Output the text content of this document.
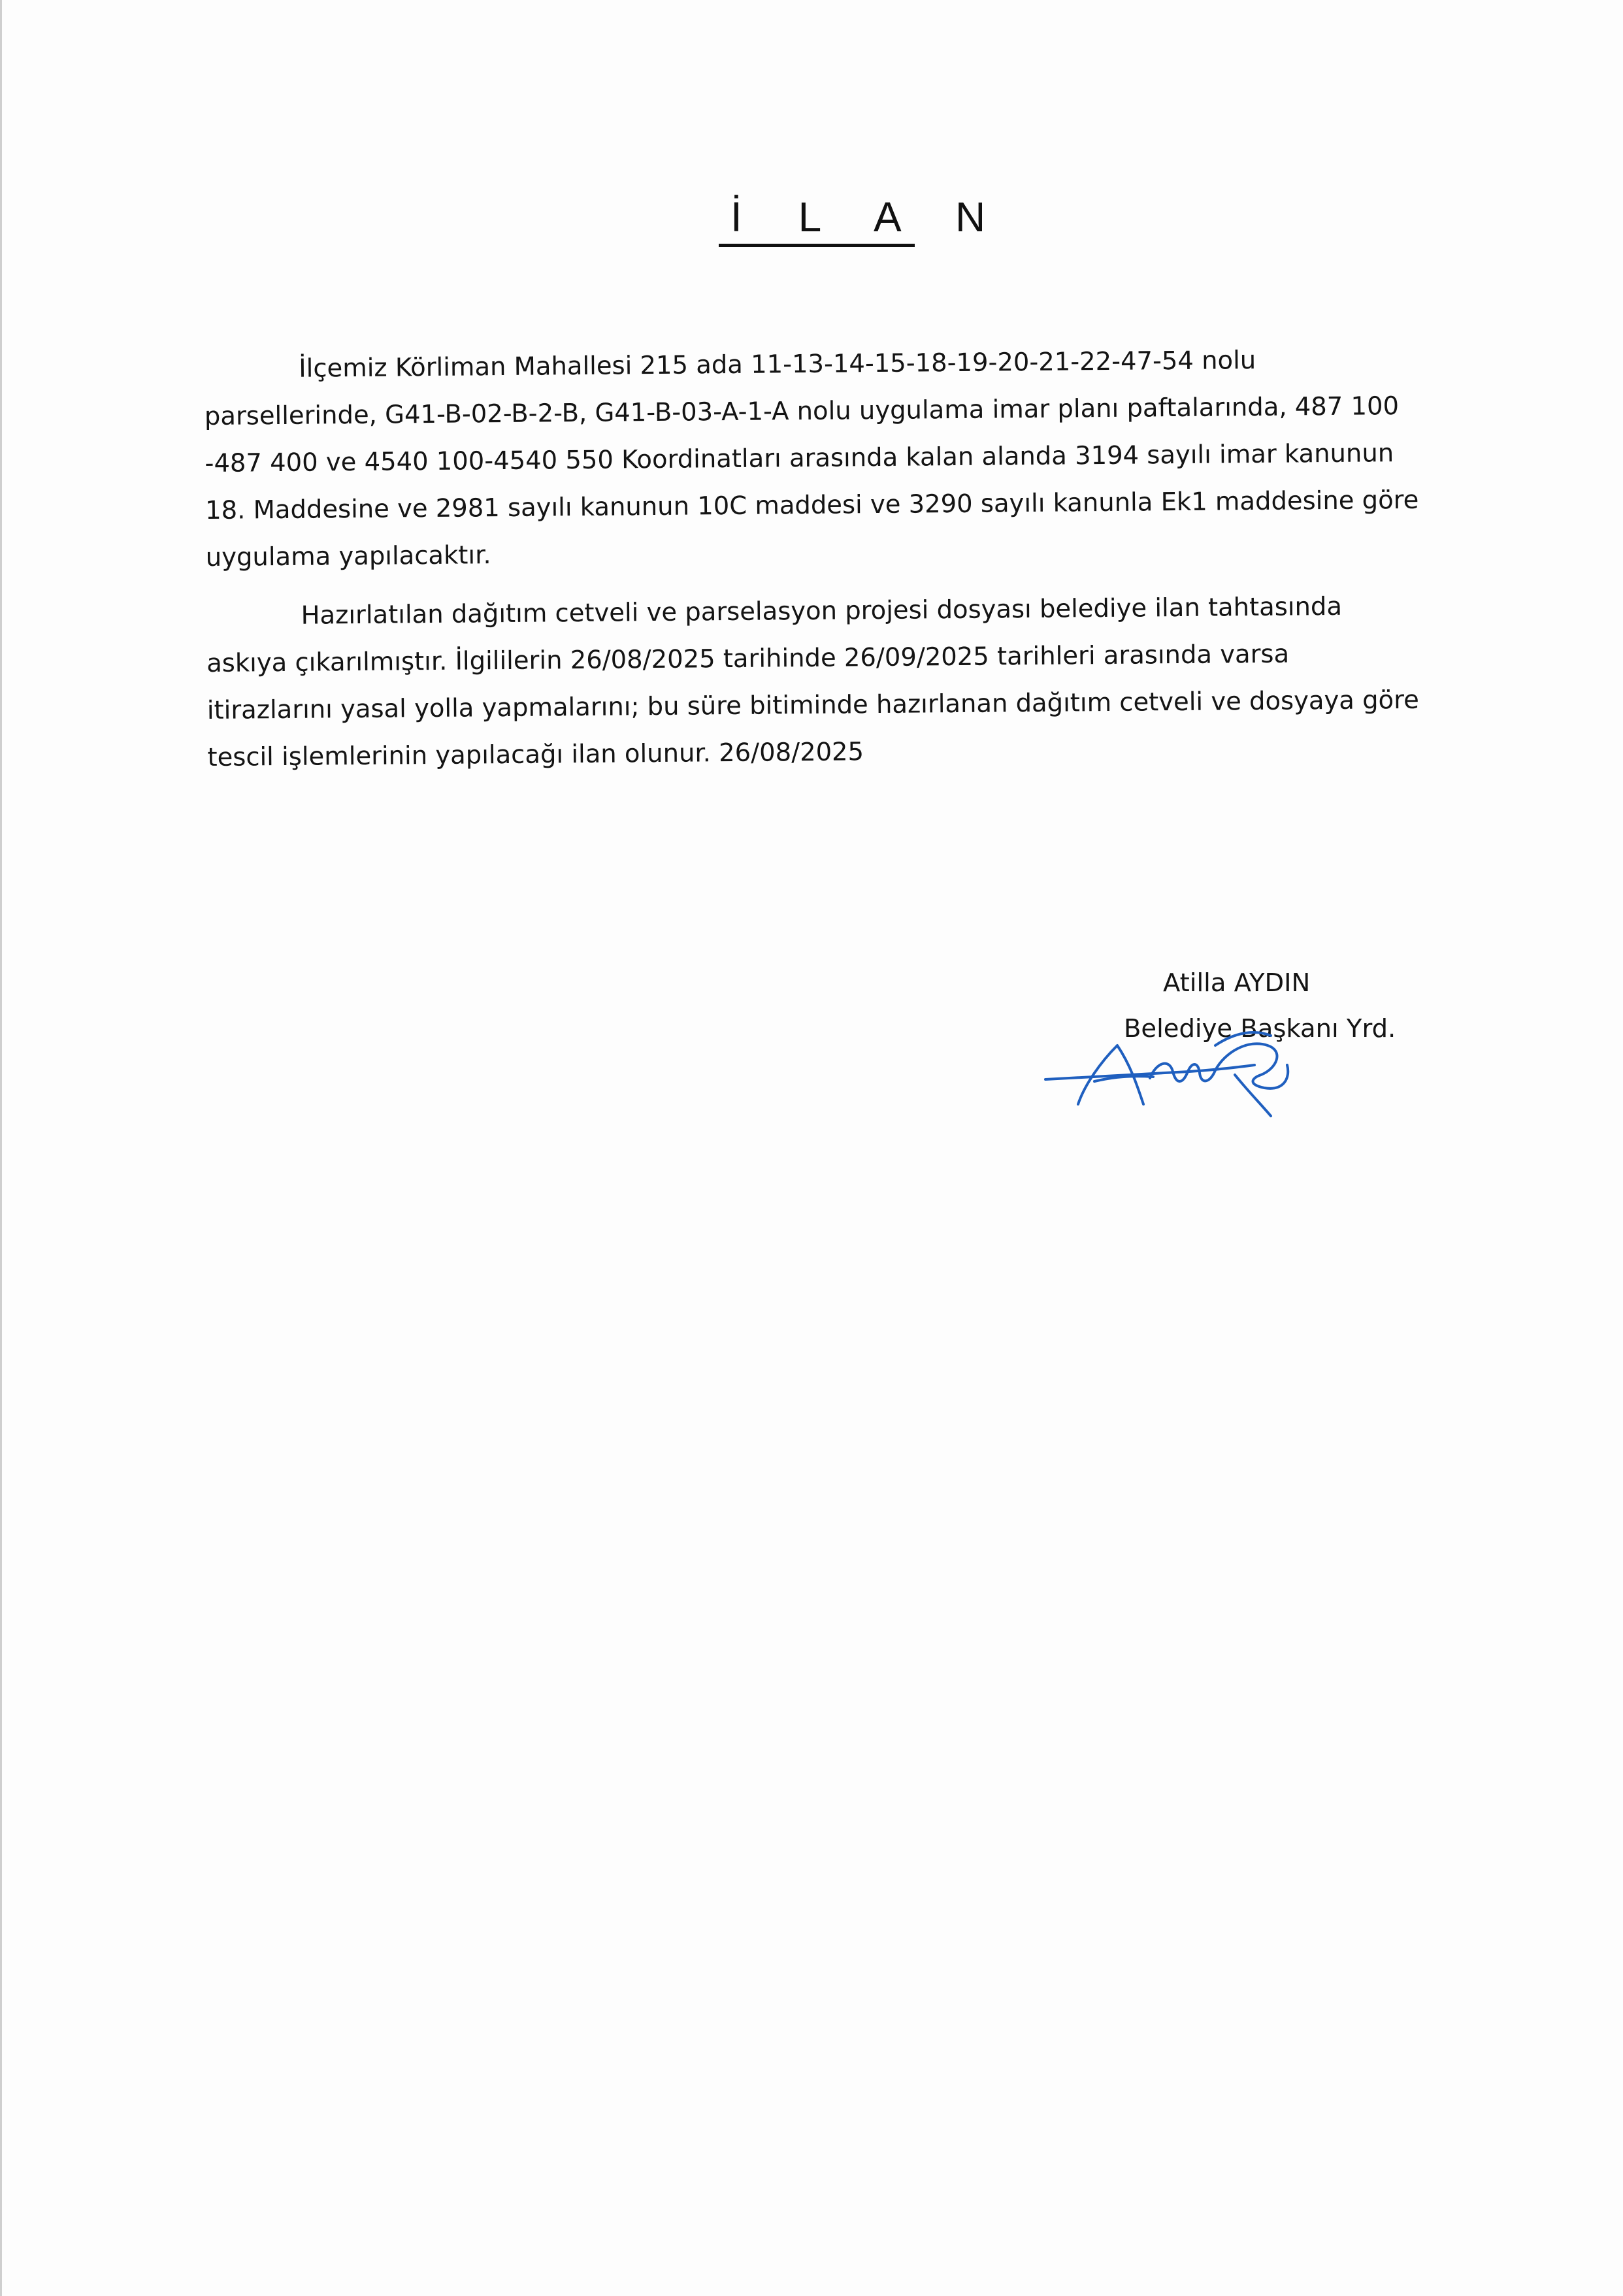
İ L A N

İlçemiz Körliman Mahallesi 215 ada 11-13-14-15-18-19-20-21-22-47-54 nolu parsellerinde, G41-B-02-B-2-B, G41-B-03-A-1-A nolu uygulama imar planı paftalarında, 487 100 -487 400 ve 4540 100-4540 550 Koordinatları arasında kalan alanda 3194 sayılı imar kanunun 18. Maddesine ve 2981 sayılı kanunun 10C maddesi ve 3290 sayılı kanunla Ek1 maddesine göre uygulama yapılacaktır.

Hazırlatılan dağıtım cetveli ve parselasyon projesi dosyası belediye ilan tahtasında askıya çıkarılmıştır. İlgililerin 26/08/2025 tarihinde 26/09/2025 tarihleri arasında varsa itirazlarını yasal yolla yapmalarını; bu süre bitiminde hazırlanan dağıtım cetveli ve dosyaya göre tescil işlemlerinin yapılacağı ilan olunur. 26/08/2025

Atilla AYDIN
Belediye Başkanı Yrd.
